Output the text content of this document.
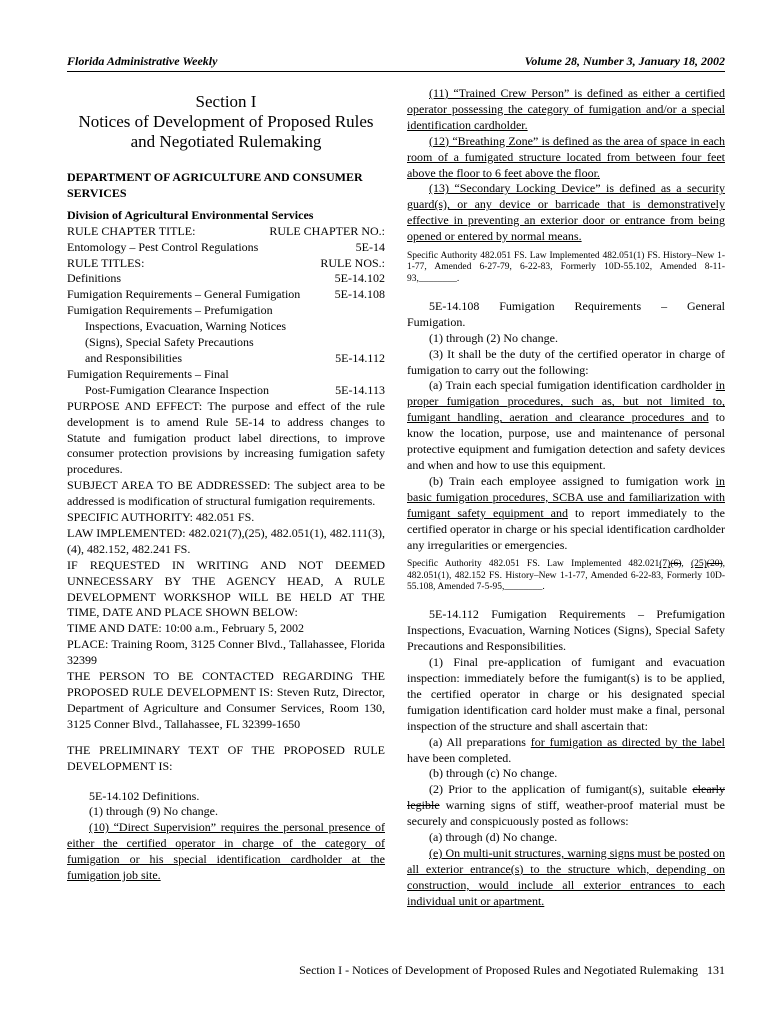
Florida Administrative Weekly	Volume 28, Number 3, January 18, 2002
Section I
Notices of Development of Proposed Rules
and Negotiated Rulemaking

DEPARTMENT OF AGRICULTURE AND CONSUMER SERVICES

Division of Agricultural Environmental Services

RULE CHAPTER TITLE:	RULE CHAPTER NO.:
Entomology – Pest Control Regulations	5E-14
RULE TITLES:	RULE NOS.:
Definitions	5E-14.102
Fumigation Requirements – General Fumigation	5E-14.108
Fumigation Requirements – Prefumigation
Inspections, Evacuation, Warning Notices
(Signs), Special Safety Precautions
and Responsibilities	5E-14.112
Fumigation Requirements – Final
Post-Fumigation Clearance Inspection	5E-14.113

PURPOSE AND EFFECT: The purpose and effect of the rule development is to amend Rule 5E-14 to address changes to Statute and fumigation product label directions, to improve consumer protection provisions by increasing fumigation safety procedures.

SUBJECT AREA TO BE ADDRESSED: The subject area to be addressed is modification of structural fumigation requirements.

SPECIFIC AUTHORITY: 482.051 FS.

LAW IMPLEMENTED: 482.021(7),(25), 482.051(1), 482.111(3),(4), 482.152, 482.241 FS.

IF REQUESTED IN WRITING AND NOT DEEMED UNNECESSARY BY THE AGENCY HEAD, A RULE DEVELOPMENT WORKSHOP WILL BE HELD AT THE TIME, DATE AND PLACE SHOWN BELOW:

TIME AND DATE: 10:00 a.m., February 5, 2002

PLACE: Training Room, 3125 Conner Blvd., Tallahassee, Florida 32399

THE PERSON TO BE CONTACTED REGARDING THE PROPOSED RULE DEVELOPMENT IS: Steven Rutz, Director, Department of Agriculture and Consumer Services, Room 130, 3125 Conner Blvd., Tallahassee, FL 32399-1650

THE PRELIMINARY TEXT OF THE PROPOSED RULE DEVELOPMENT IS:

5E-14.102 Definitions.

(1) through (9) No change.

(10) “Direct Supervision” requires the personal presence of either the certified operator in charge of the category of fumigation or his special identification cardholder at the fumigation job site.

(11) “Trained Crew Person” is defined as either a certified operator possessing the category of fumigation and/or a special identification cardholder.

(12) “Breathing Zone” is defined as the area of space in each room of a fumigated structure located from between four feet above the floor to 6 feet above the floor.

(13) “Secondary Locking Device” is defined as a security guard(s), or any device or barricade that is demonstratively effective in preventing an exterior door or entrance from being opened or entered by normal means.

Specific Authority 482.051 FS. Law Implemented 482.051(1) FS. History–New 1-1-77, Amended 6-27-79, 6-22-83, Formerly 10D-55.102, Amended 8-11-93,________.

5E-14.108 Fumigation Requirements – General

Fumigation.

(1) through (2) No change.

(3) It shall be the duty of the certified operator in charge of fumigation to carry out the following:

(a) Train each special fumigation identification cardholder in proper fumigation procedures, such as, but not limited to, fumigant handling, aeration and clearance procedures and to know the location, purpose, use and maintenance of personal protective equipment and fumigation detection and safety devices and when and how to use this equipment.

(b) Train each employee assigned to fumigation work in basic fumigation procedures, SCBA use and familiarization with fumigant safety equipment and to report immediately to the certified operator in charge or his special identification cardholder any irregularities or emergencies.

Specific Authority 482.051 FS. Law Implemented 482.021(7)(6), (25)(20), 482.051(1), 482.152 FS. History–New 1-1-77, Amended 6-22-83, Formerly 10D-55.108, Amended 7-5-95,________.

5E-14.112 Fumigation Requirements – Prefumigation Inspections, Evacuation, Warning Notices (Signs), Special Safety Precautions and Responsibilities.

(1) Final pre-application of fumigant and evacuation inspection: immediately before the fumigant(s) is to be applied, the certified operator in charge or his designated special fumigation identification card holder must make a final, personal inspection of the structure and shall ascertain that:

(a) All preparations for fumigation as directed by the label have been completed.

(b) through (c) No change.

(2) Prior to the application of fumigant(s), suitable clearly legible warning signs of stiff, weather-proof material must be securely and conspicuously posted as follows:

(a) through (d) No change.

(e) On multi-unit structures, warning signs must be posted on all exterior entrance(s) to the structure which, depending on construction, would include all exterior entrances to each individual unit or apartment.

Section I - Notices of Development of Proposed Rules and Negotiated Rulemaking 131
